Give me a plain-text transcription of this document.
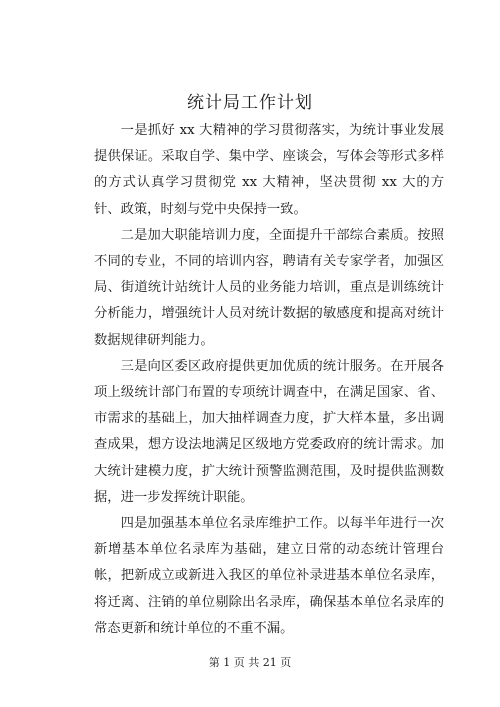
统计局工作计划

一是抓好 xx 大精神的学习贯彻落实，为统计事业发展提供保证。采取自学、集中学、座谈会，写体会等形式多样的方式认真学习贯彻党 xx 大精神，坚决贯彻 xx 大的方针、政策，时刻与党中央保持一致。

二是加大职能培训力度，全面提升干部综合素质。按照不同的专业，不同的培训内容，聘请有关专家学者，加强区局、街道统计站统计人员的业务能力培训，重点是训练统计分析能力，增强统计人员对统计数据的敏感度和提高对统计数据规律研判能力。

三是向区委区政府提供更加优质的统计服务。在开展各项上级统计部门布置的专项统计调查中，在满足国家、省、市需求的基础上，加大抽样调查力度，扩大样本量，多出调查成果，想方设法地满足区级地方党委政府的统计需求。加大统计建模力度，扩大统计预警监测范围，及时提供监测数据，进一步发挥统计职能。

四是加强基本单位名录库维护工作。以每半年进行一次新增基本单位名录库为基础，建立日常的动态统计管理台帐，把新成立或新进入我区的单位补录进基本单位名录库，将迁离、注销的单位剔除出名录库，确保基本单位名录库的常态更新和统计单位的不重不漏。

第 1 页 共 21 页
